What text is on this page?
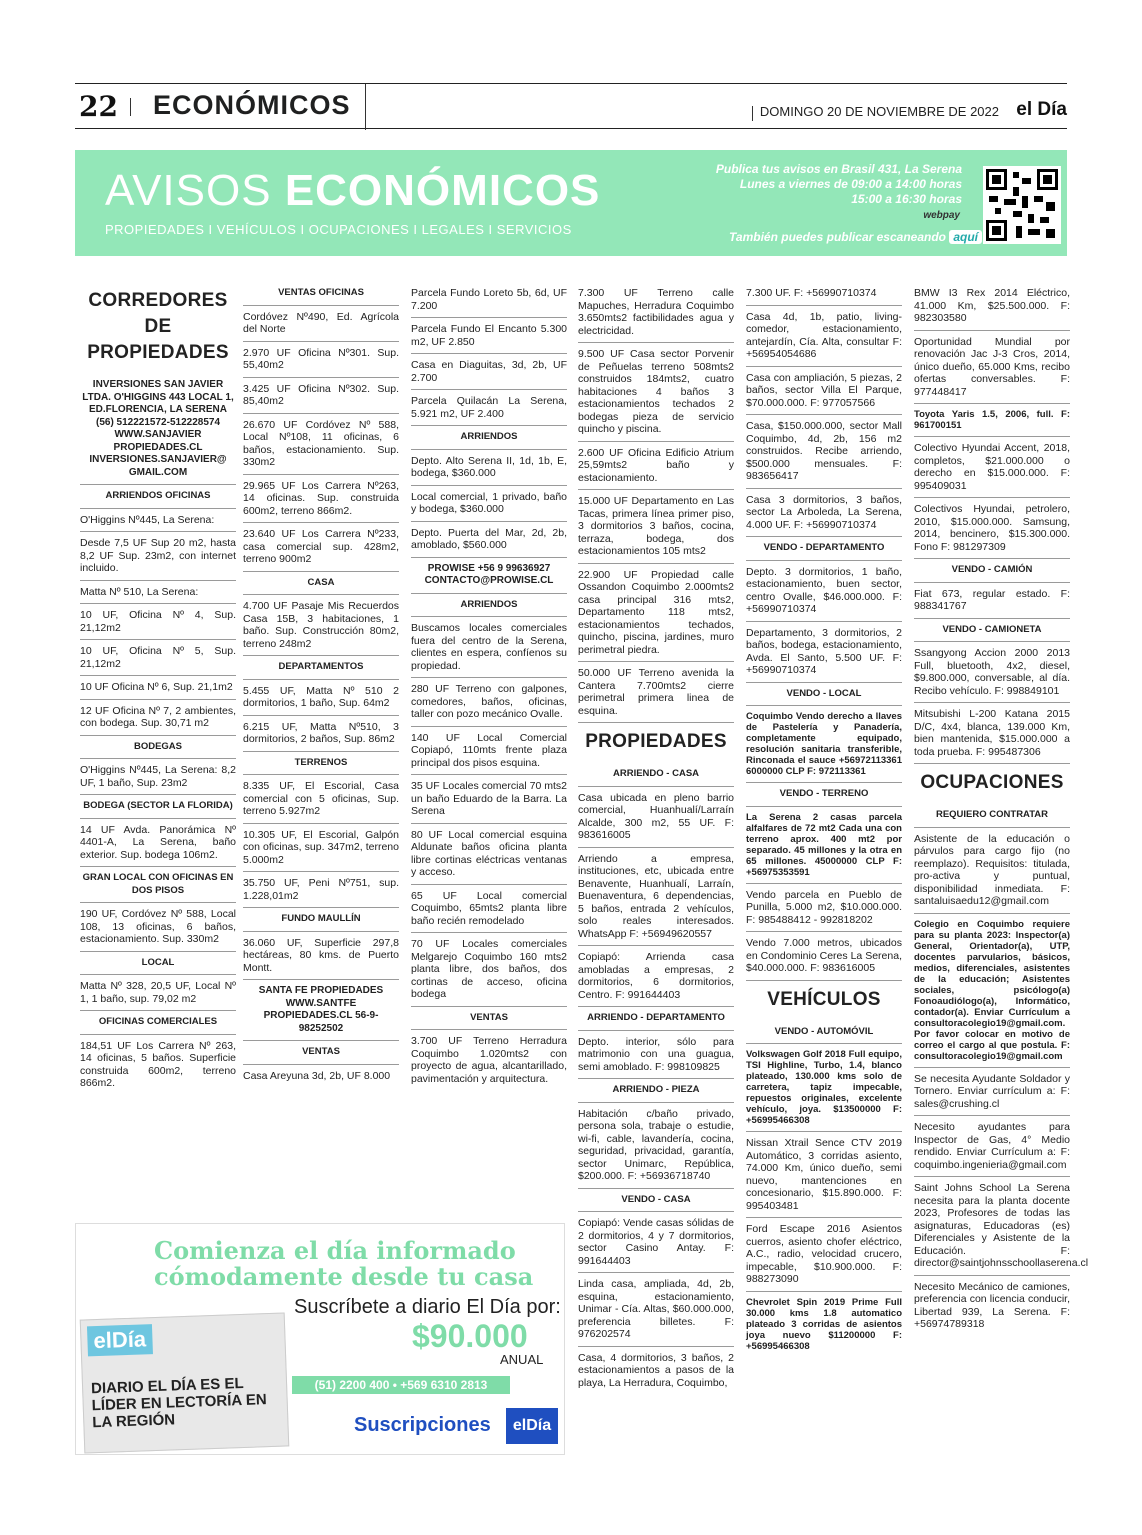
22 ECONÓMICOS	DOMINGO 20 DE NOVIEMBRE DE 2022 el Día
AVISOS ECONÓMICOS
PROPIEDADES I VEHÍCULOS I OCUPACIONES I LEGALES I SERVICIOS
Publica tus avisos en Brasil 431, La Serena
Lunes a viernes de 09:00 a 14:00 horas
15:00 a 16:30 horas
webpay
También puedes publicar escaneando aquí
CORREDORES DE PROPIEDADES
INVERSIONES SAN JAVIER LTDA. O'HIGGINS 443 LOCAL 1, ED.FLORENCIA, LA SERENA (56) 512221572-512228574 WWW.SANJAVIER PROPIEDADES.CL INVERSIONES.SANJAVIER@ GMAIL.COM
ARRIENDOS OFICINAS
O'Higgins Nº445, La Serena:
Desde 7,5 UF Sup 20 m2, hasta 8,2 UF Sup. 23m2, con internet incluido.
Matta Nº 510, La Serena:
10 UF, Oficina Nº 4, Sup. 21,12m2
10 UF, Oficina Nº 5, Sup. 21,12m2
10 UF Oficina Nº 6, Sup. 21,1m2
12 UF Oficina Nº 7, 2 ambientes, con bodega. Sup. 30,71 m2
BODEGAS
O'Higgins Nº445, La Serena: 8,2 UF, 1 baño, Sup. 23m2
BODEGA (SECTOR LA FLORIDA)
14 UF Avda. Panorámica Nº 4401-A, La Serena, baño exterior. Sup. bodega 106m2.
GRAN LOCAL CON OFICINAS EN DOS PISOS
190 UF, Cordóvez Nº 588, Local 108, 13 oficinas, 6 baños, estacionamiento. Sup. 330m2
LOCAL
Matta Nº 328, 20,5 UF, Local Nº 1, 1 baño, sup. 79,02 m2
OFICINAS COMERCIALES
184,51 UF Los Carrera Nº 263, 14 oficinas, 5 baños. Superficie construida 600m2, terreno 866m2.
VENTAS OFICINAS
Cordóvez Nº490, Ed. Agrícola del Norte
2.970 UF Oficina Nº301. Sup. 55,40m2
3.425 UF Oficina Nº302. Sup. 85,40m2
26.670 UF Cordóvez Nº 588, Local Nº108, 11 oficinas, 6 baños, estacionamiento. Sup. 330m2
29.965 UF Los Carrera Nº263, 14 oficinas. Sup. construida 600m2, terreno 866m2.
23.640 UF Los Carrera Nº233, casa comercial sup. 428m2, terreno 900m2
CASA
4.700 UF Pasaje Mis Recuerdos Casa 15B, 3 habitaciones, 1 baño. Sup. Construcción 80m2, terreno 248m2
DEPARTAMENTOS
5.455 UF, Matta Nº 510 2 dormitorios, 1 baño, Sup. 64m2
6.215 UF, Matta Nº510, 3 dormitorios, 2 baños, Sup. 86m2
TERRENOS
8.335 UF, El Escorial, Casa comercial con 5 oficinas, Sup. terreno 5.927m2
10.305 UF, El Escorial, Galpón con oficinas, sup. 347m2, terreno 5.000m2
35.750 UF, Peni Nº751, sup. 1.228,01m2
FUNDO MAULLÍN
36.060 UF, Superficie 297,8 hectáreas, 80 kms. de Puerto Montt.
SANTA FE PROPIEDADES WWW.SANTFE PROPIEDADES.CL 56-9-98252502
VENTAS
Casa Areyuna 3d, 2b, UF 8.000
Parcela Fundo Loreto 5b, 6d, UF 7.200
Parcela Fundo El Encanto 5.300 m2, UF 2.850
Casa en Diaguitas, 3d, 2b, UF 2.700
Parcela Quilacán La Serena, 5.921 m2, UF 2.400
ARRIENDOS
Depto. Alto Serena II, 1d, 1b, E, bodega, $360.000
Local comercial, 1 privado, baño y bodega, $360.000
Depto. Puerta del Mar, 2d, 2b, amoblado, $560.000
PROWISE +56 9 99636927 CONTACTO@PROWISE.CL
ARRIENDOS
Buscamos locales comerciales fuera del centro de la Serena, clientes en espera, confíenos su propiedad.
280 UF Terreno con galpones, comedores, baños, oficinas, taller con pozo mecánico Ovalle.
140 UF Local Comercial Copiapó, 110mts frente plaza principal dos pisos esquina.
35 UF Locales comercial 70 mts2 un baño Eduardo de la Barra. La Serena
80 UF Local comercial esquina Aldunate baños oficina planta libre cortinas eléctricas ventanas y acceso.
65 UF Local comercial Coquimbo, 65mts2 planta libre baño recién remodelado
70 UF Locales comerciales Melgarejo Coquimbo 160 mts2 planta libre, dos baños, dos cortinas de acceso, oficina bodega
VENTAS
3.700 UF Terreno Herradura Coquimbo 1.020mts2 con proyecto de agua, alcantarillado, pavimentación y arquitectura.
7.300 UF Terreno calle Mapuches, Herradura Coquimbo 3.650mts2 factibilidades agua y electricidad.
9.500 UF Casa sector Porvenir de Peñuelas terreno 508mts2 construidos 184mts2, cuatro habitaciones 4 baños 3 estacionamientos techados 2 bodegas pieza de servicio quincho y piscina.
2.600 UF Oficina Edificio Atrium 25,59mts2 baño y estacionamiento.
15.000 UF Departamento en Las Tacas, primera línea primer piso, 3 dormitorios 3 baños, cocina, terraza, bodega, dos estacionamientos 105 mts2
22.900 UF Propiedad calle Ossandon Coquimbo 2.000mts2 casa principal 316 mts2, Departamento 118 mts2, estacionamientos techados, quincho, piscina, jardines, muro perimetral piedra.
50.000 UF Terreno avenida la Cantera 7.700mts2 cierre perimetral primera linea de esquina.
PROPIEDADES
ARRIENDO - CASA
Casa ubicada en pleno barrio comercial, Huanhualí/Larraín Alcalde, 300 m2, 55 UF. F: 983616005
Arriendo a empresa, instituciones, etc, ubicada entre Benavente, Huanhualí, Larraín, Buenaventura, 6 dependencias, 5 baños, entrada 2 vehículos, solo reales interesados. WhatsApp F: +56949620557
Copiapó: Arrienda casa amobladas a empresas, 2 dormitorios, 6 dormitorios, Centro. F: 991644403
ARRIENDO - DEPARTAMENTO
Depto. interior, sólo para matrimonio con una guagua, semi amoblado. F: 998109825
ARRIENDO - PIEZA
Habitación c/baño privado, persona sola, trabaje o estudie, wi-fi, cable, lavandería, cocina, seguridad, privacidad, garantía, sector Unimarc, República, $200.000. F: +56936718740
VENDO - CASA
Copiapó: Vende casas sólidas de 2 dormitorios, 4 y 7 dormitorios, sector Casino Antay. F: 991644403
Linda casa, ampliada, 4d, 2b, esquina, estacionamiento, Unimar - Cía. Altas, $60.000.000, preferencia billetes. F: 976202574
Casa, 4 dormitorios, 3 baños, 2 estacionamientos a pasos de la playa, La Herradura, Coquimbo,
7.300 UF. F: +56990710374
Casa 4d, 1b, patio, living-comedor, estacionamiento, antejardín, Cía. Alta, consultar F: +56954054686
Casa con ampliación, 5 piezas, 2 baños, sector Villa El Parque, $70.000.000. F: 977057566
Casa, $150.000.000, sector Mall Coquimbo, 4d, 2b, 156 m2 construidos. Recibe arriendo, $500.000 mensuales. F: 983656417
Casa 3 dormitorios, 3 baños, sector La Arboleda, La Serena, 4.000 UF. F: +56990710374
VENDO - DEPARTAMENTO
Depto. 3 dormitorios, 1 baño, estacionamiento, buen sector, centro Ovalle, $46.000.000. F: +56990710374
Departamento, 3 dormitorios, 2 baños, bodega, estacionamiento, Avda. El Santo, 5.500 UF. F: +56990710374
VENDO - LOCAL
Coquimbo Vendo derecho a llaves de Pastelería y Panadería, completamente equipado, resolución sanitaria transferible, Rinconada el sauce +56972113361 6000000 CLP F: 972113361
VENDO - TERRENO
La Serena 2 casas parcela alfalfares de 72 mt2 Cada una con terreno aprox. 400 mt2 por separado. 45 millones y la otra en 65 millones. 45000000 CLP F: +56975353591
Vendo parcela en Pueblo de Punilla, 5.000 m2, $10.000.000. F: 985488412 - 992818202
Vendo 7.000 metros, ubicados en Condominio Ceres La Serena, $40.000.000. F: 983616005
VEHÍCULOS
VENDO - AUTOMÓVIL
Volkswagen Golf 2018 Full equipo, TSI Highline, Turbo, 1.4, blanco plateado, 130.000 kms solo de carretera, tapiz impecable, repuestos originales, excelente vehículo, joya. $13500000 F: +56995466308
Nissan Xtrail Sence CTV 2019 Automático, 3 corridas asiento, 74.000 Km, único dueño, semi nuevo, mantenciones en concesionario, $15.890.000. F: 995403481
Ford Escape 2016 Asientos cuerros, asiento chofer eléctrico, A.C., radio, velocidad crucero, impecable, $10.900.000. F: 988273090
Chevrolet Spin 2019 Prime Full 30.000 kms 1.8 automatico plateado 3 corridas de asientos joya nuevo $11200000 F: +56995466308
BMW I3 Rex 2014 Eléctrico, 41.000 Km, $25.500.000. F: 982303580
Oportunidad Mundial por renovación Jac J-3 Cros, 2014, único dueño, 65.000 Kms, recibo ofertas conversables. F: 977448417
Toyota Yaris 1.5, 2006, full. F: 961700151
Colectivo Hyundai Accent, 2018, completos, $21.000.000 o derecho en $15.000.000. F: 995409031
Colectivos Hyundai, petrolero, 2010, $15.000.000. Samsung, 2014, bencinero, $15.300.000. Fono F: 981297309
VENDO - CAMIÓN
Fiat 673, regular estado. F: 988341767
VENDO - CAMIONETA
Ssangyong Accion 2000 2013 Full, bluetooth, 4x2, diesel, $9.800.000, conversable, al día. Recibo vehículo. F: 998849101
Mitsubishi L-200 Katana 2015 D/C, 4x4, blanca, 139.000 Km, bien mantenida, $15.000.000 a toda prueba. F: 995487306
OCUPACIONES
REQUIERO CONTRATAR
Asistente de la educación o párvulos para cargo fijo (no reemplazo). Requisitos: titulada, pro-activa y puntual, disponibilidad inmediata. F: santaluisaedu12@gmail.com
Colegio en Coquimbo requiere para su planta 2023: Inspector(a) General, Orientador(a), UTP, docentes parvularios, básicos, medios, diferenciales, asistentes de la educación; Asistentes sociales, psicólogo(a) Fonoaudiólogo(a), Informático, contador(a). Enviar Currículum a consultoracolegio19@gmail.com. Por favor colocar en motivo de correo el cargo al que postula. F: consultoracolegio19@gmail.com
Se necesita Ayudante Soldador y Tornero. Enviar currículum a: F: sales@crushing.cl
Necesito ayudantes para Inspector de Gas, 4° Medio rendido. Enviar Currículum a: F: coquimbo.ingenieria@gmail.com
Saint Johns School La Serena necesita para la planta docente 2023, Profesores de todas las asignaturas, Educadoras (es) Diferenciales y Asistente de la Educación. F: director@saintjohnsschoollaserena.cl
Necesito Mecánico de camiones, preferencia con licencia conducir, Libertad 939, La Serena. F: +56974789318
Comienza el día informado
cómodamente desde tu casa
Suscríbete a diario El Día por:
$90.000
ANUAL
(51) 2200 400 • +569 6310 2813
elDía
DIARIO EL DÍA ES EL LÍDER EN LECTORÍA EN LA REGIÓN	Suscripciones	elDía
